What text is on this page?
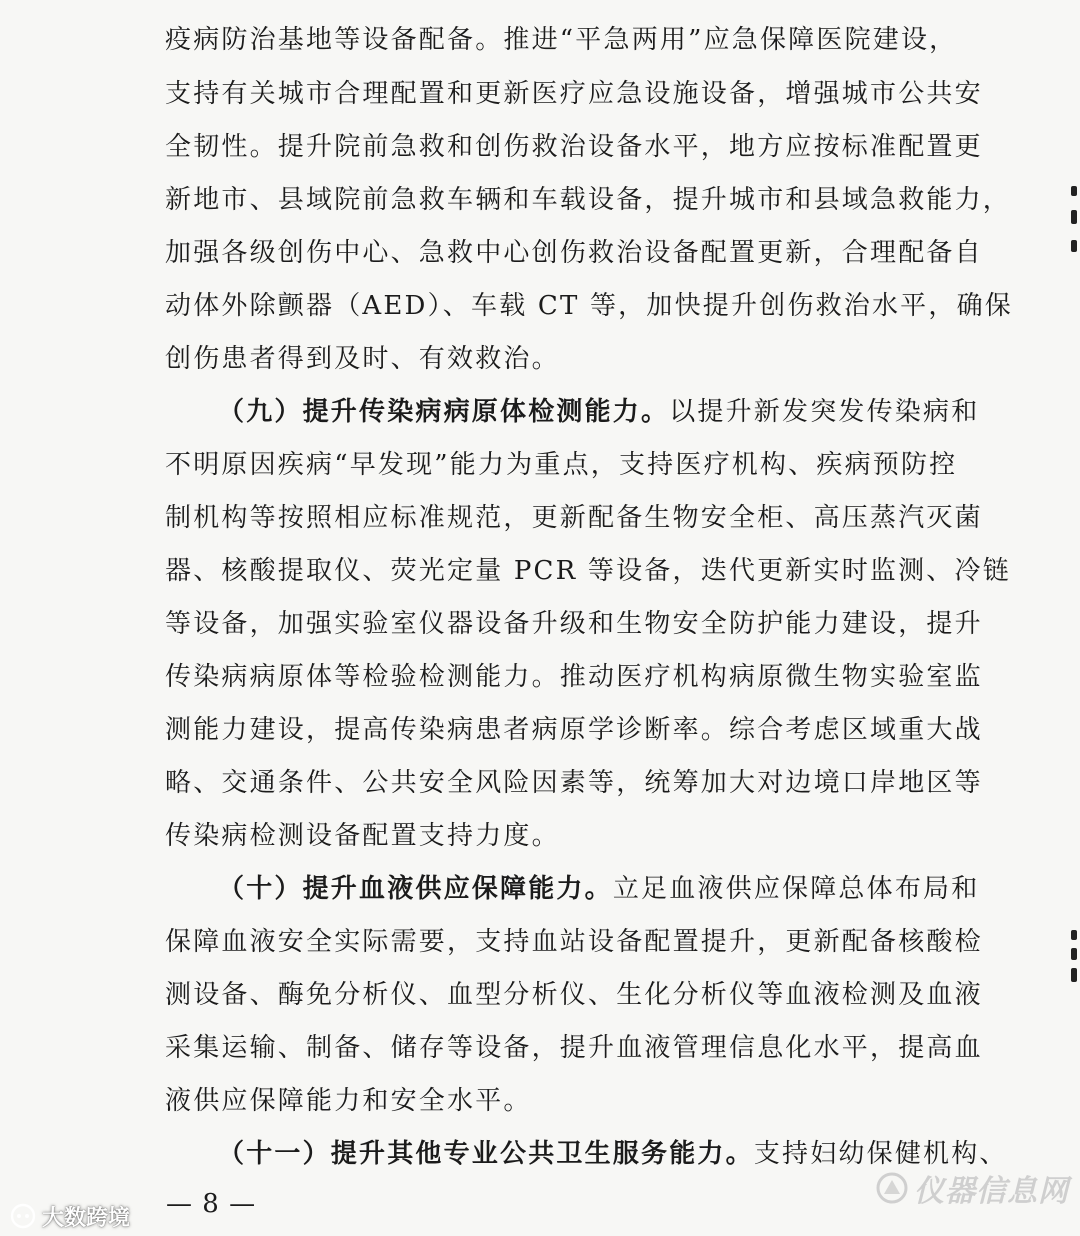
疫病防治基地等设备配备。推进“平急两用”应急保障医院建设，
支持有关城市合理配置和更新医疗应急设施设备，增强城市公共安
全韧性。提升院前急救和创伤救治设备水平，地方应按标准配置更
新地市、县域院前急救车辆和车载设备，提升城市和县域急救能力，
加强各级创伤中心、急救中心创伤救治设备配置更新，合理配备自
动体外除颤器（AED）、车载 CT 等，加快提升创伤救治水平，确保
创伤患者得到及时、有效救治。
（九）提升传染病病原体检测能力。以提升新发突发传染病和
不明原因疾病“早发现”能力为重点，支持医疗机构、疾病预防控
制机构等按照相应标准规范，更新配备生物安全柜、高压蒸汽灭菌
器、核酸提取仪、荧光定量 PCR 等设备，迭代更新实时监测、冷链
等设备，加强实验室仪器设备升级和生物安全防护能力建设，提升
传染病病原体等检验检测能力。推动医疗机构病原微生物实验室监
测能力建设，提高传染病患者病原学诊断率。综合考虑区域重大战
略、交通条件、公共安全风险因素等，统筹加大对边境口岸地区等
传染病检测设备配置支持力度。
（十）提升血液供应保障能力。立足血液供应保障总体布局和
保障血液安全实际需要，支持血站设备配置提升，更新配备核酸检
测设备、酶免分析仪、血型分析仪、生化分析仪等血液检测及血液
采集运输、制备、储存等设备，提升血液管理信息化水平，提高血
液供应保障能力和安全水平。
（十一）提升其他专业公共卫生服务能力。支持妇幼保健机构、
— 8 —
大数跨境
仪器信息网
